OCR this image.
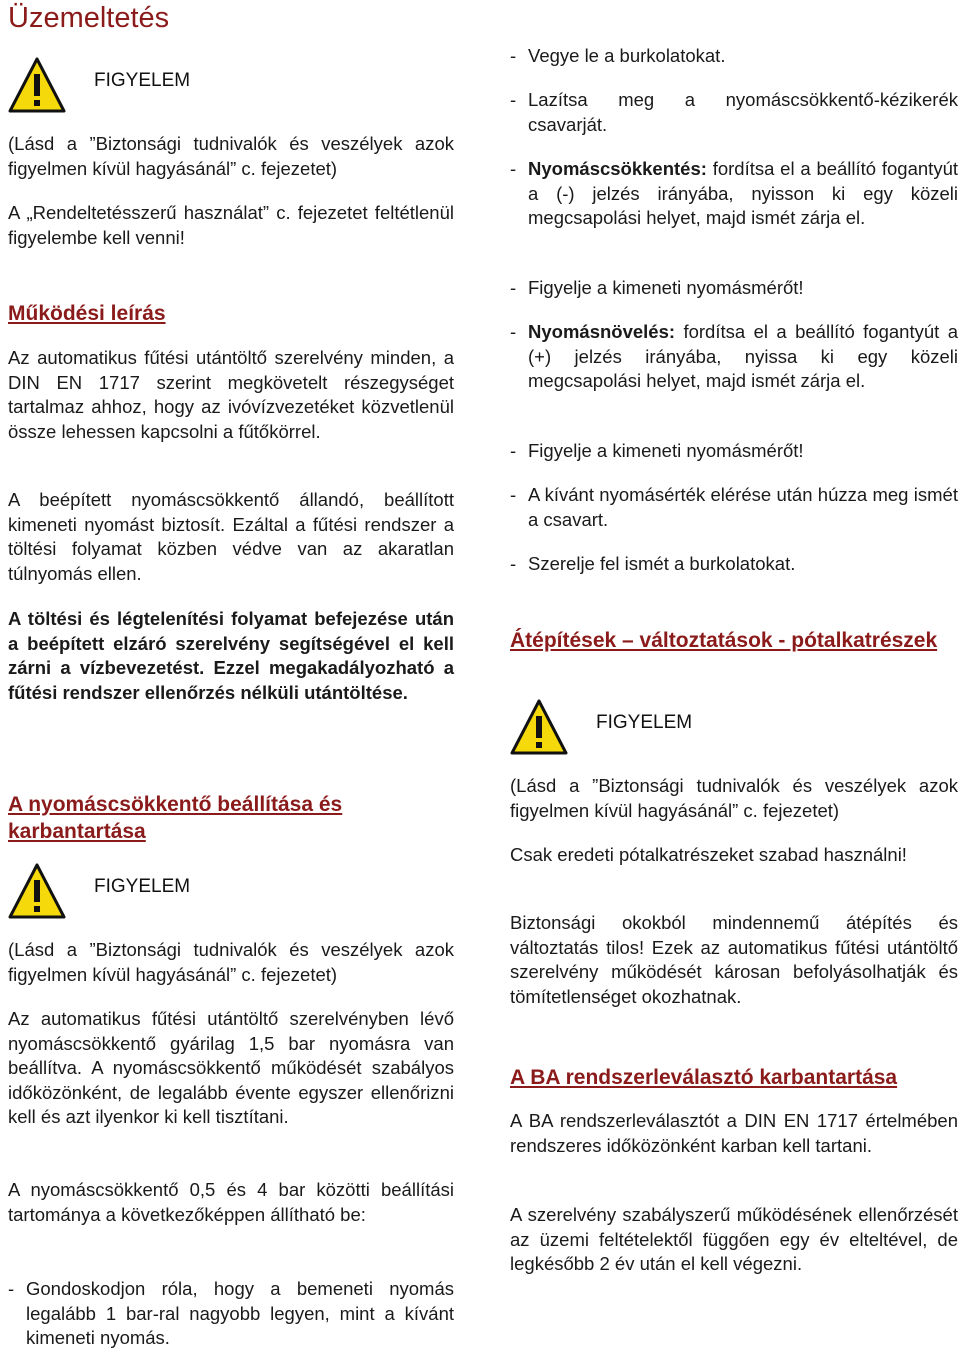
Üzemeltetés
FIGYELEM

(Lásd a ”Biztonsági tudnivalók és veszélyek azok figyelmen kívül hagyásánál” c. fejezetet)

A „Rendeltetésszerű használat” c. fejezetet feltétlenül figyelembe kell venni!

Működési leírás

Az automatikus fűtési utántöltő szerelvény minden, a DIN EN 1717 szerint megkövetelt részegységet tartalmaz ahhoz, hogy az ivóvízvezetéket közvetlenül össze lehessen kapcsolni a fűtőkörrel.

A beépített nyomáscsökkentő állandó, beállított kimeneti nyomást biztosít. Ezáltal a fűtési rendszer a töltési folyamat közben védve van az akaratlan túlnyomás ellen.

A töltési és légtelenítési folyamat befejezése után a beépített elzáró szerelvény segítségével el kell zárni a vízbevezetést. Ezzel megakadályozható a fűtési rendszer ellenőrzés nélküli utántöltése.

A nyomáscsökkentő beállítása és karbantartása
FIGYELEM

(Lásd a ”Biztonsági tudnivalók és veszélyek azok figyelmen kívül hagyásánál” c. fejezetet)

Az automatikus fűtési utántöltő szerelvényben lévő nyomáscsökkentő gyárilag 1,5 bar nyomásra van beállítva. A nyomáscsökkentő működését szabályos időközönként, de legalább évente egyszer ellenőrizni kell és azt ilyenkor ki kell tisztítani.

A nyomáscsökkentő 0,5 és 4 bar közötti beállítási tartománya a következőképpen állítható be:

- Gondoskodjon róla, hogy a bemeneti nyomás legalább 1 bar-ral nagyobb legyen, mint a kívánt kimeneti nyomás.
- Vegye le a burkolatokat.
- Lazítsa meg a nyomáscsökkentő-kézikerék csavarját.
- Nyomáscsökkentés: fordítsa el a beállító fogantyút a (-) jelzés irányába, nyisson ki egy közeli megcsapolási helyet, majd ismét zárja el.
- Figyelje a kimeneti nyomásmérőt!
- Nyomásnövelés: fordítsa el a beállító fogantyút a (+) jelzés irányába, nyissa ki egy közeli megcsapolási helyet, majd ismét zárja el.
- Figyelje a kimeneti nyomásmérőt!
- A kívánt nyomásérték elérése után húzza meg ismét a csavart.
- Szerelje fel ismét a burkolatokat.
Átépítések – változtatások - pótalkatrészek
FIGYELEM

(Lásd a ”Biztonsági tudnivalók és veszélyek azok figyelmen kívül hagyásánál” c. fejezetet)

Csak eredeti pótalkatrészeket szabad használni!

Biztonsági okokból mindennemű átépítés és változtatás tilos! Ezek az automatikus fűtési utántöltő szerelvény működését károsan befolyásolhatják és tömítetlenséget okozhatnak.

A BA rendszerleválasztó karbantartása

A BA rendszerleválasztót a DIN EN 1717 értelmében rendszeres időközönként karban kell tartani.

A szerelvény szabályszerű működésének ellenőrzését az üzemi feltételektől függően egy év elteltével, de legkésőbb 2 év után el kell végezni.
